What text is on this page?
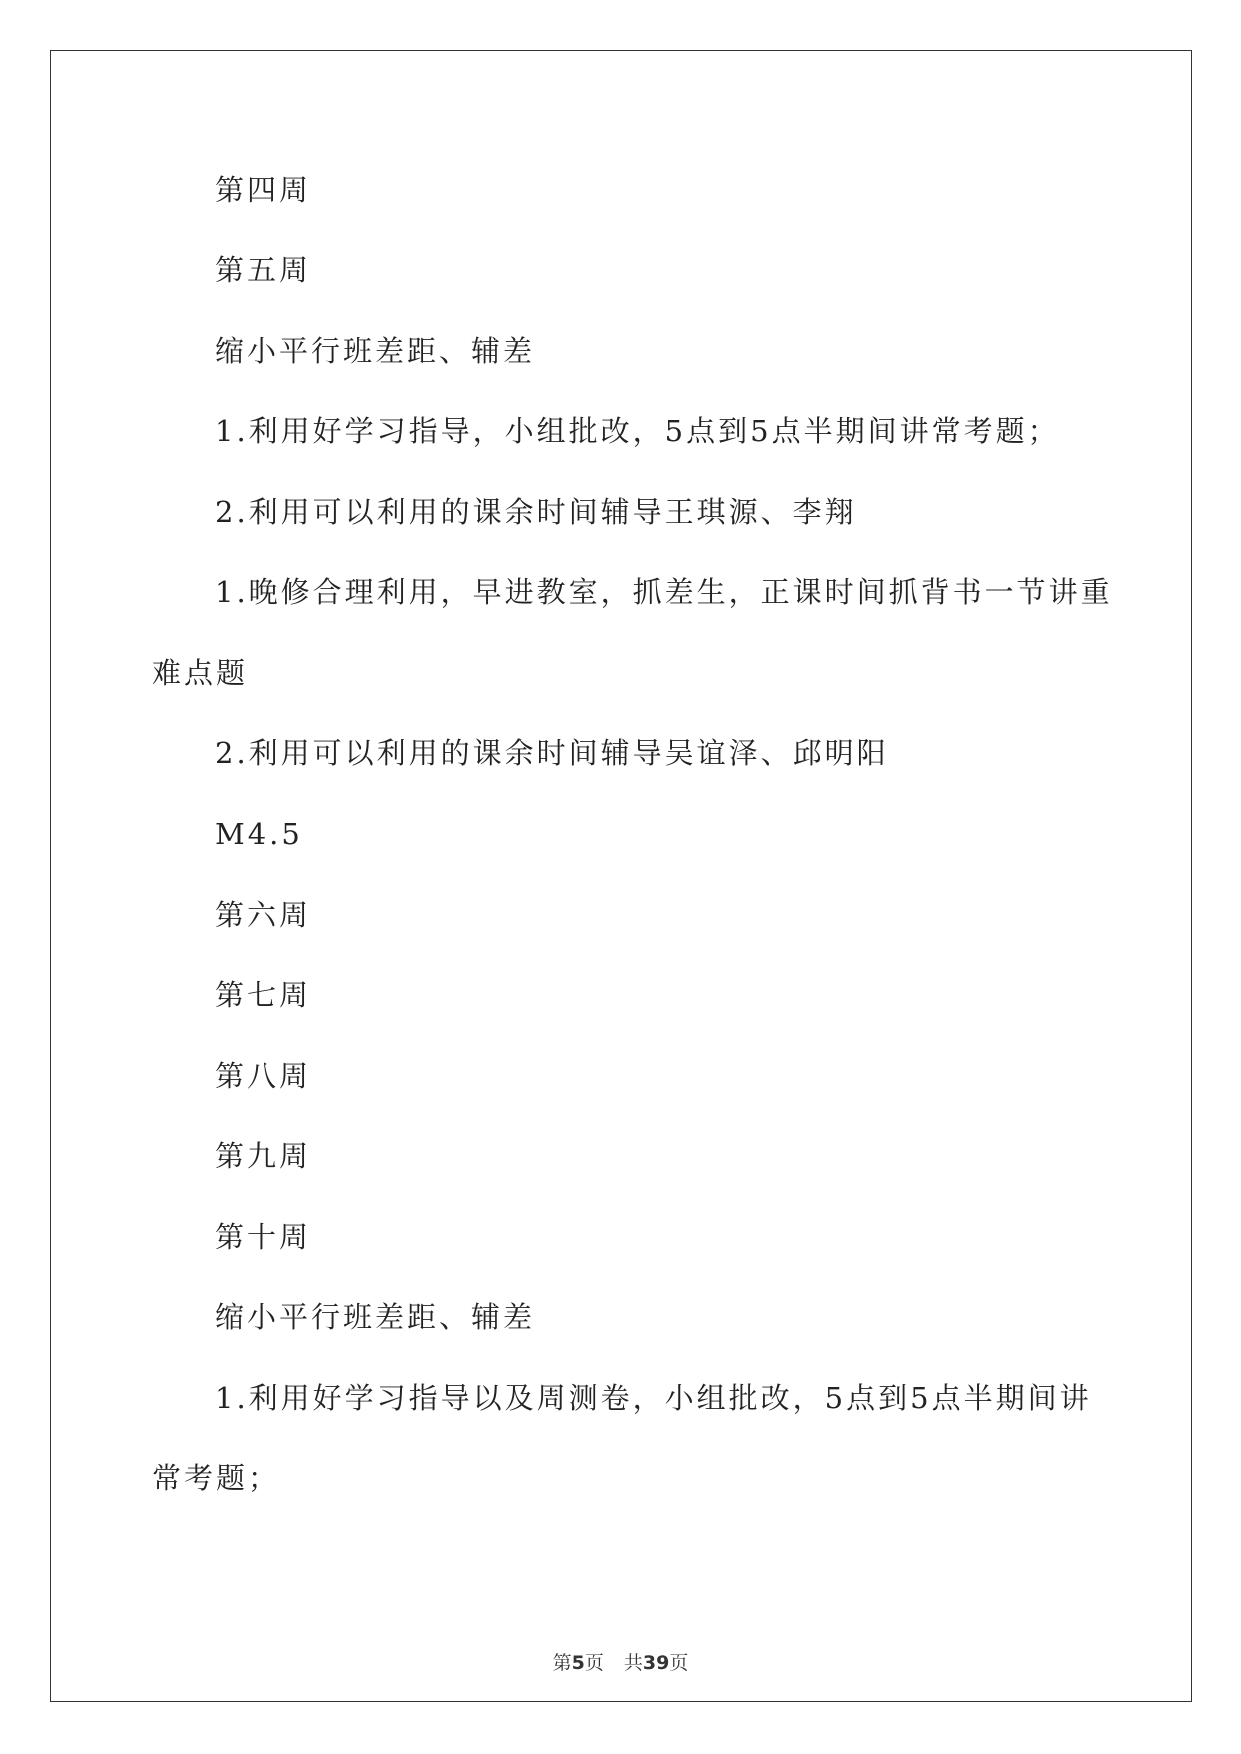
第四周
第五周
缩小平行班差距、辅差
1.利用好学习指导，小组批改，5点到5点半期间讲常考题；
2.利用可以利用的课余时间辅导王琪源、李翔
1.晚修合理利用，早进教室，抓差生，正课时间抓背书一节讲重
难点题
2.利用可以利用的课余时间辅导吴谊泽、邱明阳
M4.5
第六周
第七周
第八周
第九周
第十周
缩小平行班差距、辅差
1.利用好学习指导以及周测卷，小组批改，5点到5点半期间讲
常考题；
第5页 共39页
